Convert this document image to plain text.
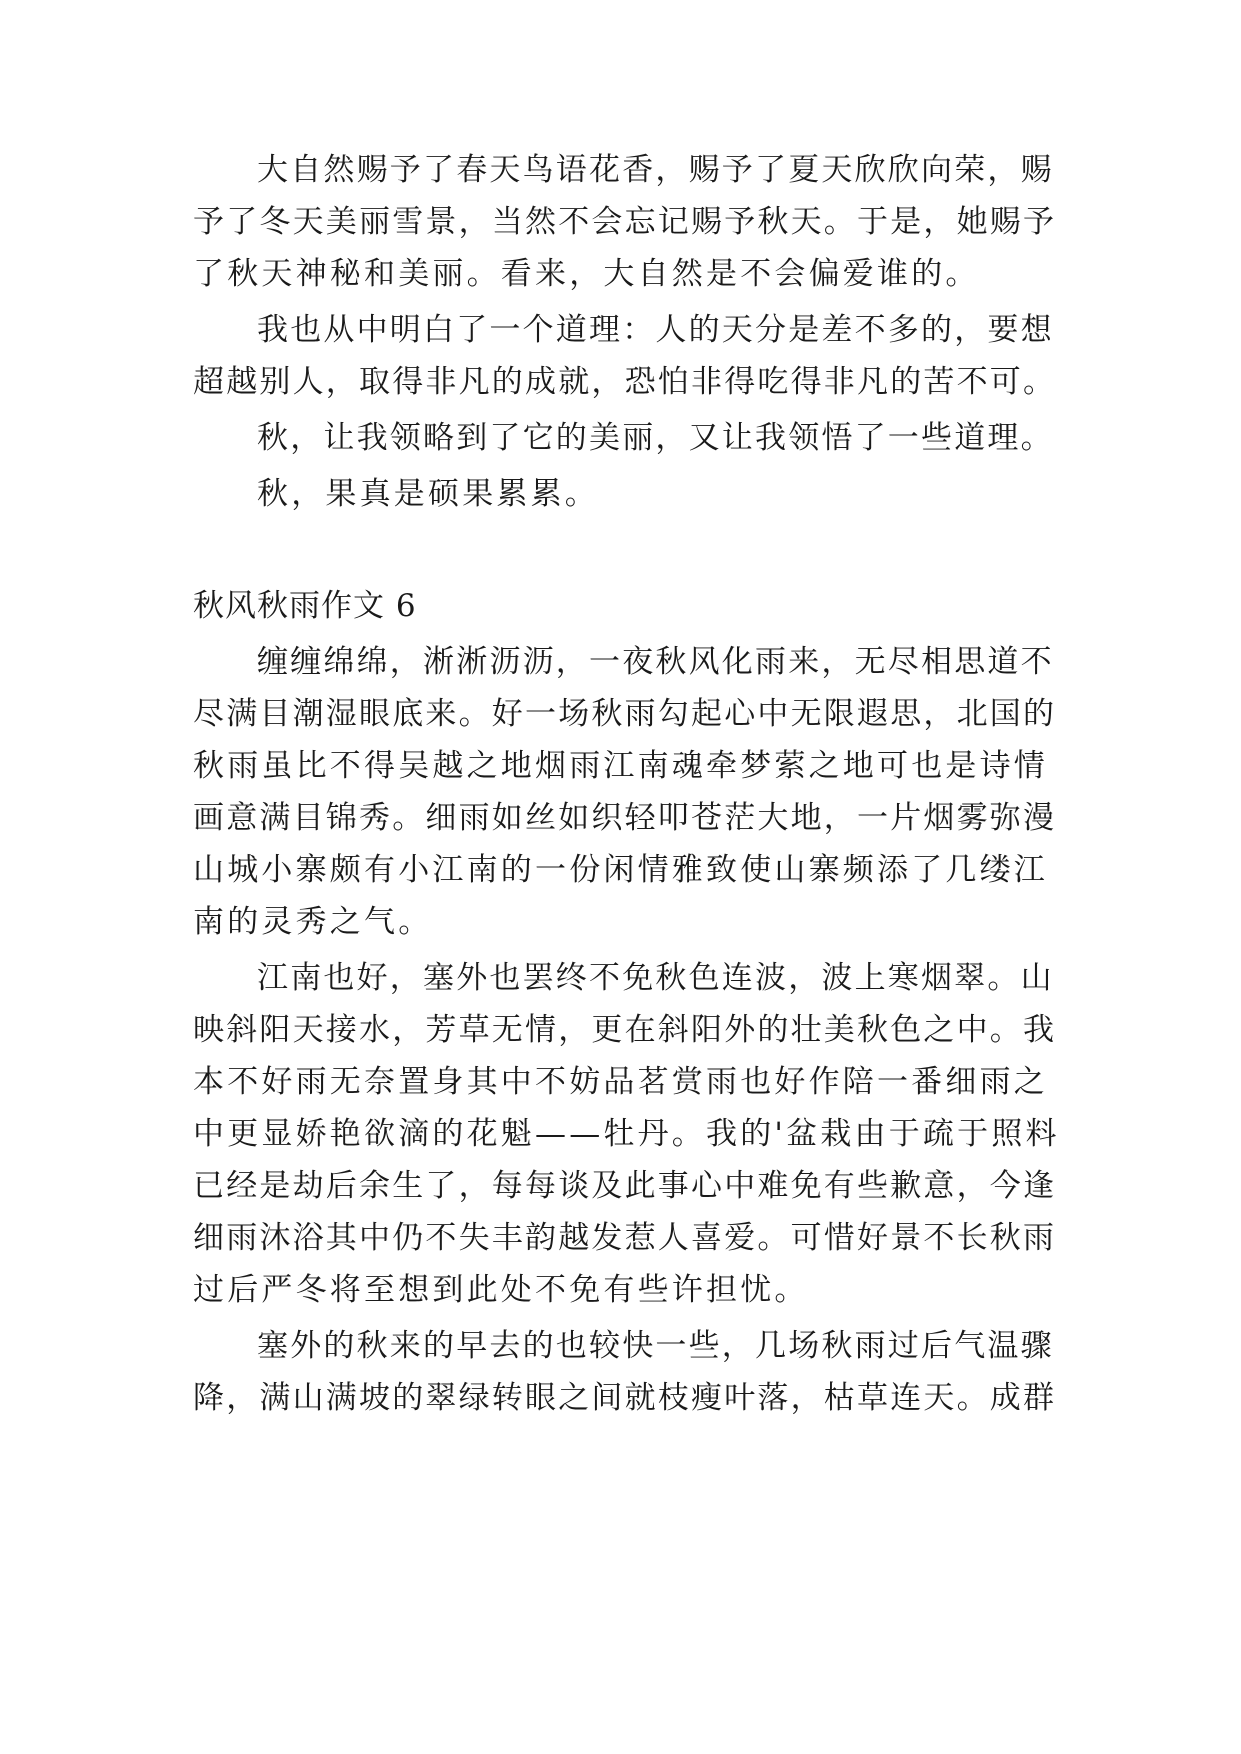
大自然赐予了春天鸟语花香，赐予了夏天欣欣向荣，赐
予了冬天美丽雪景，当然不会忘记赐予秋天。于是，她赐予
了秋天神秘和美丽。看来，大自然是不会偏爱谁的。
我也从中明白了一个道理：人的天分是差不多的，要想
超越别人，取得非凡的成就，恐怕非得吃得非凡的苦不可。
秋，让我领略到了它的美丽，又让我领悟了一些道理。
秋，果真是硕果累累。
秋风秋雨作文 6
缠缠绵绵，淅淅沥沥，一夜秋风化雨来，无尽相思道不
尽满目潮湿眼底来。好一场秋雨勾起心中无限遐思，北国的
秋雨虽比不得吴越之地烟雨江南魂牵梦萦之地可也是诗情
画意满目锦秀。细雨如丝如织轻叩苍茫大地，一片烟雾弥漫
山城小寨颇有小江南的一份闲情雅致使山寨频添了几缕江
南的灵秀之气。
江南也好，塞外也罢终不免秋色连波，波上寒烟翠。山
映斜阳天接水，芳草无情，更在斜阳外的壮美秋色之中。我
本不好雨无奈置身其中不妨品茗赏雨也好作陪一番细雨之
中更显娇艳欲滴的花魁——牡丹。我的'盆栽由于疏于照料
已经是劫后余生了，每每谈及此事心中难免有些歉意，今逢
细雨沐浴其中仍不失丰韵越发惹人喜爱。可惜好景不长秋雨
过后严冬将至想到此处不免有些许担忧。
塞外的秋来的早去的也较快一些，几场秋雨过后气温骤
降，满山满坡的翠绿转眼之间就枝瘦叶落，枯草连天。成群
